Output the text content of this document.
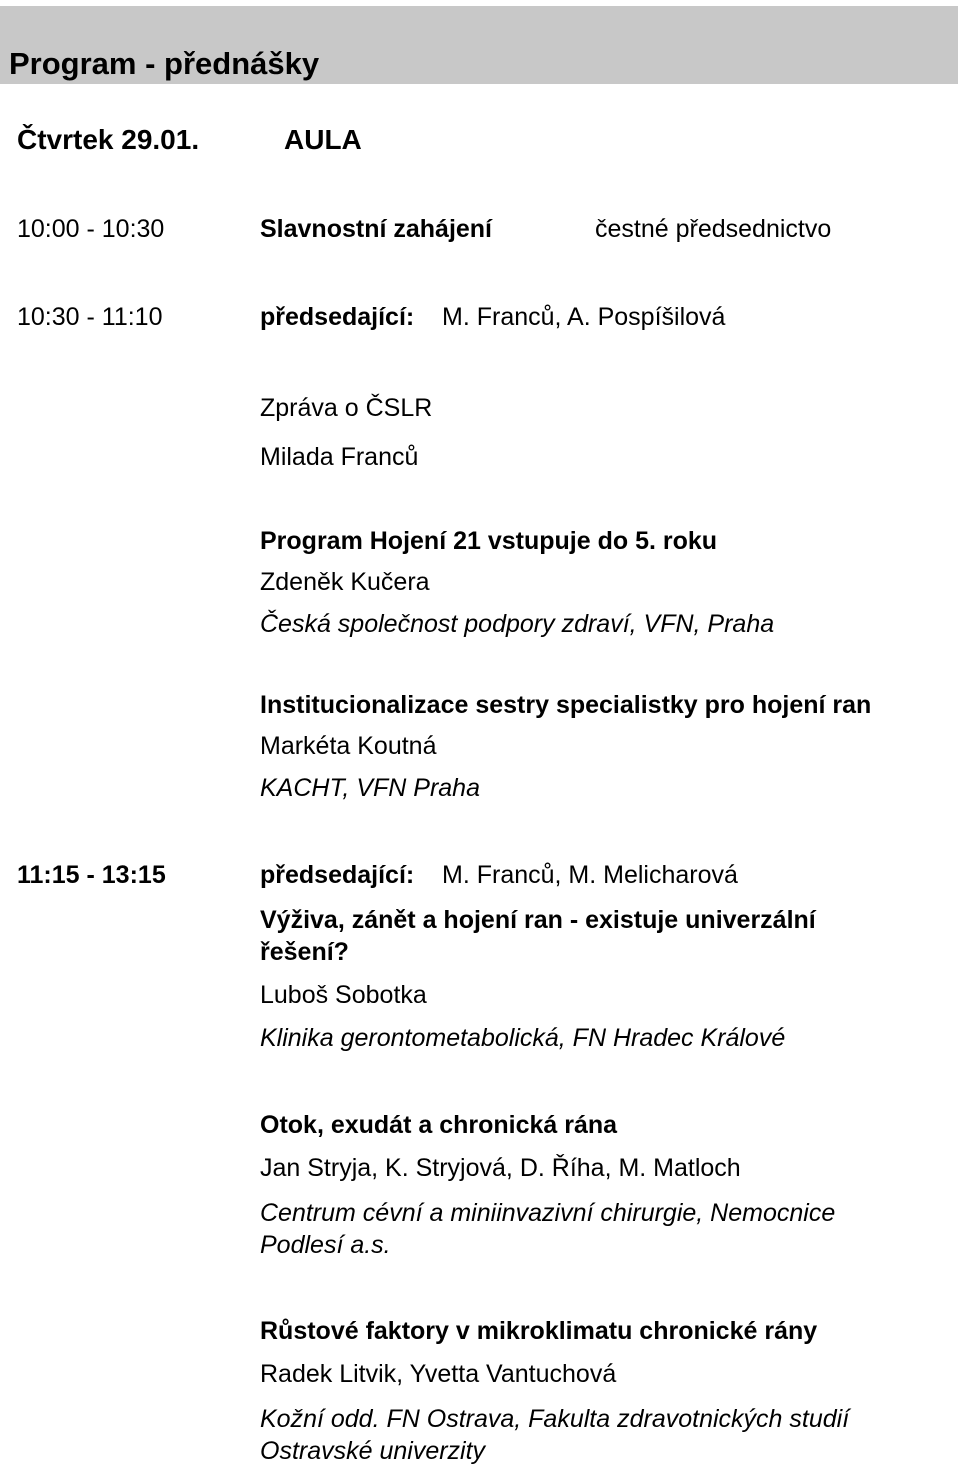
Program - přednášky
Čtvrtek 29.01.	AULA
10:00 - 10:30	Slavnostní zahájení	čestné předsednictvo
10:30 - 11:10	předsedající: M. Franců, A. Pospíšilová
Zpráva o ČSLR
Milada Franců
Program Hojení 21 vstupuje do 5. roku
Zdeněk Kučera
Česká společnost podpory zdraví, VFN, Praha
Institucionalizace sestry specialistky pro hojení ran
Markéta Koutná
KACHT, VFN Praha
11:15 - 13:15	předsedající: M. Franců, M. Melicharová
Výživa, zánět a hojení ran - existuje univerzální
řešení?
Luboš Sobotka
Klinika gerontometabolická, FN Hradec Králové
Otok, exudát a chronická rána
Jan Stryja, K. Stryjová, D. Říha, M. Matloch
Centrum cévní a miniinvazivní chirurgie, Nemocnice
Podlesí a.s.
Růstové faktory v mikroklimatu chronické rány
Radek Litvik, Yvetta Vantuchová
Kožní odd. FN Ostrava, Fakulta zdravotnických studií
Ostravské univerzity
